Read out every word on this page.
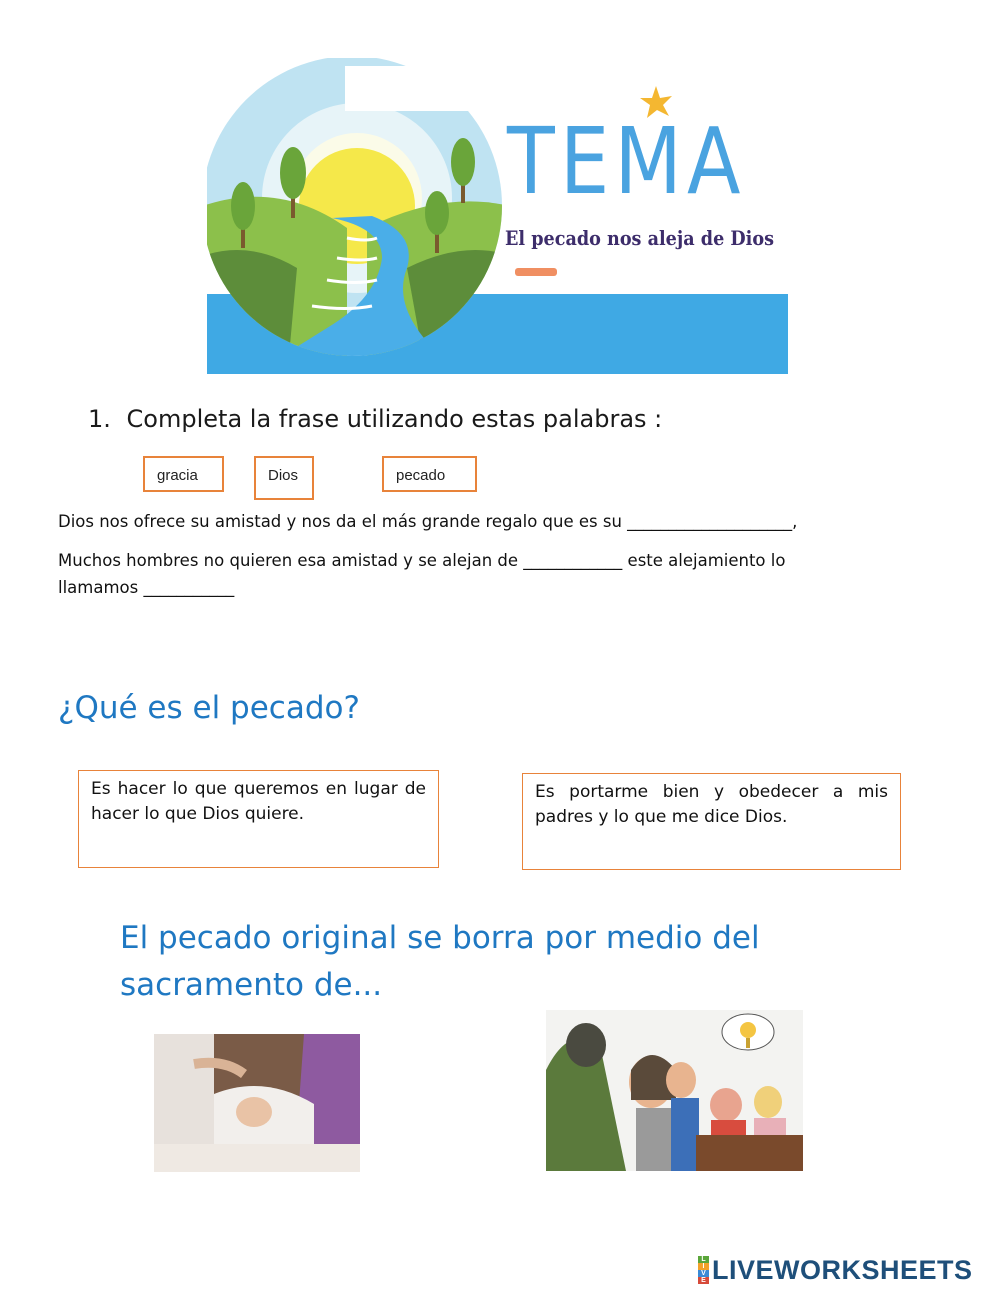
TEMA
El pecado nos aleja de Dios
1. Completa la frase utilizando estas palabras :
gracia	Dios	pecado
Dios nos ofrece su amistad y nos da el más grande regalo que es su ____________________,
Muchos hombres no quieren esa amistad y se alejan de ____________ este alejamiento lo
llamamos ___________
¿Qué es el pecado?
Es hacer lo que queremos en lugar de hacer lo que Dios quiere.
Es portarme bien y obedecer a mis padres y lo que me dice Dios.
El pecado original se borra por medio del
sacramento de...
L
I
V
E LIVEWORKSHEETS
